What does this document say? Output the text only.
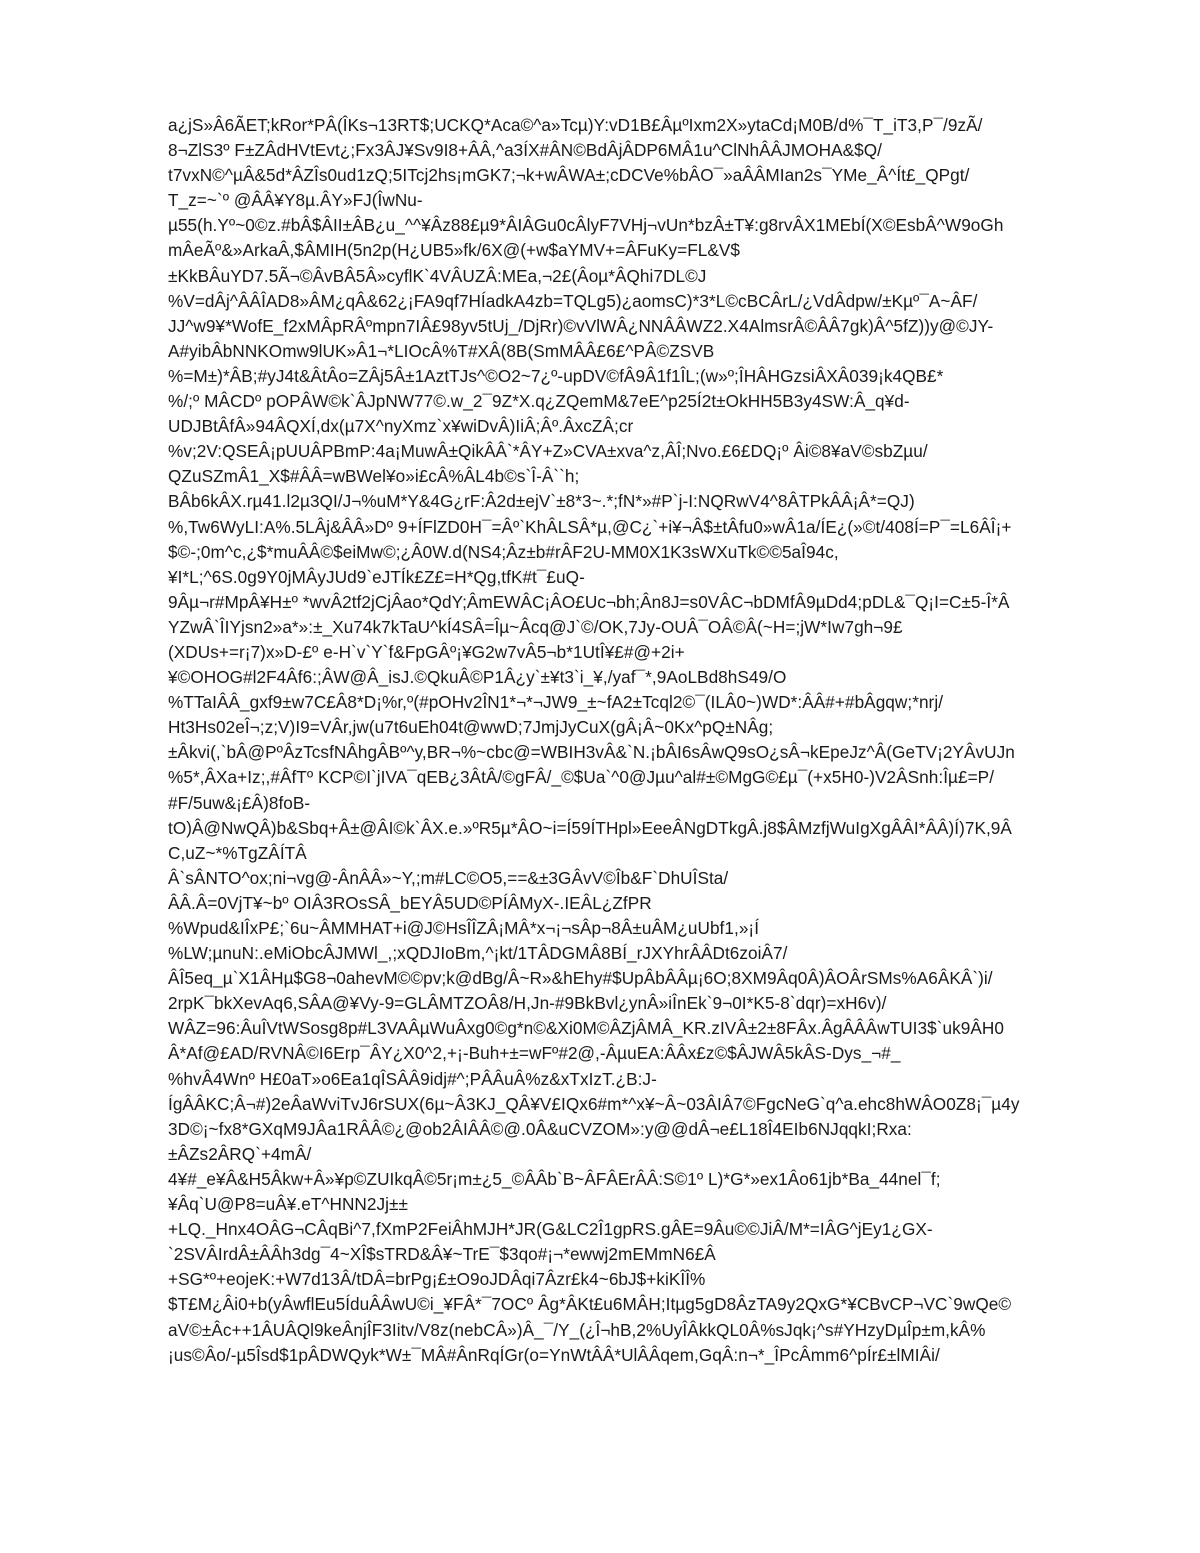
a¿jS»Â6ÃET;kRor*PÂ(ÎKs¬13RT$;UCKQ*Aca©^a»Tcµ)Y:vD1B£ÂµºIxm2X»ytaCd¡M0B/d%¯T_iT3,P¯/9zÃ/
8¬ZlS3º F±ZÂdHVtEvt¿;Fx3ÂJ¥Sv9I8+ÂÂ,^a3ÍX#ÂN©BdÂjÂDP6MÂ1u^ClNhÂÂJMOHA&$Q/
t7vxN©^µÂ&5d*ÂZÎs0ud1zQ;5ITcj2hs¡mGK7;¬k+wÂWA±;cDCVe%bÂO¯»aÂÂMIan2s¯YMe_Â^Ít£_QPgt/
T_z=~`º @ÂÂ¥Y8µ.ÂY»FJ(ÎwNu-
µ55(h.Yº~0©z.#bÂ$ÂII±ÂB¿u_^^¥Âz88£µ9*ÂIÂGu0cÂlyF7VHj¬vUn*bzÂ±T¥:g8rvÂX1MEbÍ(X©EsbÂ^W9oGh
mÂeÃº&»ArkaÂ,$ÂMIH(5n2p(H¿UB5»fk/6X@(+w$aYMV+=ÂFuKy=FL&V$
±KkBÂuYD7.5Ã¬©ÂvBÂ5Â»cyflK`4VÂUZÂ:MEa,¬2£(Âoµ*ÂQhi7DL©J
%V=dÂj^ÂÂÎAD8»ÂM¿qÂ&62¿¡FA9qf7HÍadkA4zb=TQLg5)¿aomsC)*3*L©cBCÂrL/¿VdÂdpw/±Kµº¯A~ÂF/
JJ^w9¥*WofE_f2xMÂpRÂºmpn7IÂ£98yv5tUj_/DjRr)©vVlWÂ¿NNÂÂWZ2.X4AlmsrÂ©ÂÂ7gk)Â^5fZ))y@©JY-
A#yibÂbNNKOmw9lUK»Â1¬*LIOcÂ%T#XÂ(8B(SmMÂÂ£6£^PÂ©ZSVB
%=M±)*ÂB;#yJ4t&ÂtÂo=ZÂj5Â±1AztTJs^©O2~7¿º-upDV©fÂ9Â1f1ÎL;(w»º;ÎHÂHGzsiÂXÂ039¡k4QB£*
%/;º MÂCDº pOPÂW©k`ÂJpNW77©.w_2¯9Z*X.q¿ZQemM&7eE^p25Í2t±OkHH5B3y4SW:Â_q¥d-
UDJBtÂfÂ»94ÂQXÍ,dx(µ7X^nyXmz`x¥wiDvÂ)IiÂ;Âº.ÂxcZÂ;cr
%v;2V:QSEÂ¡pUUÂPBmP:4a¡MuwÂ±QikÂÂ`*ÂY+Z»CVA±xva^z,ÂÎ;Nvo.£6£DQ¡º Âi©8¥aV©sbZµu/
QZuSZmÂ1_X$#ÂÂ=wBWel¥o»i£cÂ%ÂL4b©s`Î-Â``h;
BÂb6kÂX.rµ41.l2µ3QI/J¬%uM*Y&4G¿rF:Â2d±ejV`±8*3~.*;fN*»#P`j-I:NQRwV4^8ÂTPkÂÂ¡Â*=QJ)
%,Tw6WyLI:A%.5LÂj&ÂÂ»Dº 9+ÍFlZD0H¯=Âº`KhÂLSÂ*µ,@C¿`+i¥¬Â$±tÂfu0»wÂ1a/ÍE¿(»©t/408Í=P¯=L6ÂÎ¡+
$©-;0m^c,¿$*muÂÂ©$eiMw©;¿Â0W.d(NS4;Âz±b#rÂF2U-MM0X1K3sWXuTk©©5aÎ94c,
¥I*L;^6S.0g9Y0jMÂyJUd9`eJTÍk£Z£=H*Qg,tfK#t¯£uQ-
9Âµ¬r#MpÂ¥H±º *wvÂ2tf2jCjÂao*QdY;ÂmEWÂC¡ÂO£Uc¬bh;Ân8J=s0VÂC¬bDMfÂ9µDd4;pDL&¯Q¡I=C±5-Î*Â
YZwÂ`ÎIYjsn2»a*»:±_Xu74k7kTaU^kÍ4SÂ=Îµ~Âcq@J`©/OK,7Jy-OUÂ¯OÂ©Â(~H=;jW*Iw7gh¬9£
(XDUs+=r¡7)x»D-£º e-H`v`Y`f&FpGÂº¡¥G2w7vÂ5¬b*1UtÎ¥£#@+2i+
¥©OHOG#l2F4Âf6:;ÂW@Â_isJ.©QkuÂ©P1Â¿y`±¥t3`i_¥,/yaf¯*,9AoLBd8hS49/O
%TTaIÂÂ_gxf9±w7C£Â8*D¡%r,º(#pOHv2ÎN1*¬*¬JW9_±~fA2±Tcql2©¯(ILÂ0~)WD*:ÂÂ#+#bÂgqw;*nrj/
Ht3Hs02eÎ¬;z;V)I9=VÂr,jw(u7t6uEh04t@wwD;7JmjJyCuX(gÂ¡Â~0Kx^pQ±NÂg;
±Âkvi(,`bÂ@PºÂzTcsfNÂhgÂBº^y,BR¬%~cbc@=WBIH3vÂ&`N.¡bÂI6sÂwQ9sO¿sÂ¬kEpeJz^Â(GeTV¡2YÂvUJn
%5*,ÂXa+Iz;,#ÂfTº KCP©I`jIVA¯qEB¿3ÂtÂ/©gFÂ/_©$Ua`^0@Jµu^al#±©MgG©£µ¯(+x5H0-)V2ÂSnh:Îµ£=P/
#F/5uw&¡£Â)8foB-
tO)Â@NwQÂ)b&Sbq+Â±@ÂI©k`ÂX.e.»ºR5µ*ÂO~i=Í59ÍTHpl»EeeÂNgDTkgÂ.j8$ÂMzfjWuIgXgÂÂI*ÂÂ)Í)7K,9Â
C,uZ~*%TgZÂÍTÂ
Â`sÂNTO^ox;ni¬vg@-ÂnÂÂ»~Y,;m#LC©O5,==&±3GÂvV©Îb&F`DhUÎSta/
ÂÂ.Â=0VjT¥~bº OIÂ3ROsSÂ_bEYÂ5UD©PÍÂMyX-.IEÂL¿ZfPR
%Wpud&IÎxP£;`6u~ÂMMHAT+i@J©HsÎÎZÂ¡MÂ*x¬¡¬sÂp¬8Â±uÂM¿uUbf1,»¡Í
%LW;µnuN:.eMiObcÂJMWl_,;xQDJIoBm,^¡kt/1TÂDGMÂ8BÍ_rJXYhrÂÂDt6zoiÂ7/
ÂÎ5eq_µ`X1ÂHµ$G8¬0ahevM©©pv;k@dBg/Â~R»&hEhy#$UpÂbÂÂµ¡6O;8XM9Âq0Â)ÂOÂrSMs%A6ÂKÂ`)i/
2rpK¯bkXevAq6,SÂA@¥Vy-9=GLÂMTZOÂ8/H,Jn-#9BkBvl¿ynÂ»iÎnEk`9¬0I*K5-8`dqr)=xH6v)/
WÂZ=96:ÂuÎVtWSosg8p#L3VAÂµWuÂxg0©g*n©&Xi0M©ÂZjÂMÂ_KR.zIVÂ±2±8FÂx.ÂgÂÂÂwTUI3$`uk9ÂH0
Â*Af@£AD/RVNÂ©I6Erp¯ÂY¿X0^2,+¡-Buh+±=wFº#2@,-ÂµuEA:ÂÂx£z©$ÂJWÂ5kÂS-Dys_¬#_
%hvÂ4Wnº H£0aT»o6Ea1qÎSÂÂ9idj#^;PÂÂuÂ%z&xTxIzT.¿B:J-
ÍgÂÂKC;Â¬#)2eÂaWviTvJ6rSUX(6µ~Â3KJ_QÂ¥V£IQx6#m*^x¥~Â~03ÂIÂ7©FgcNeG`q^a.ehc8hWÂO0Z8¡¯µ4y
3D©¡~fx8*GXqM9JÂa1RÂÂ©¿@ob2ÂIÂÂ©@.0Â&uCVZOM»:y@@dÂ¬e£L18Î4EIb6NJqqkI;Rxa:
±ÂZs2ÂRQ`+4mÂ/
4¥#_e¥Â&H5Âkw+Â»¥p©ZUIkqÂ©5r¡m±¿5_©ÂÂb`B~ÂFÂErÂÂ:S©1º L)*G*»ex1Âo61jb*Ba_44nel¯f;
¥Âq`U@P8=uÂ¥.eT^HNN2Jj±±
+LQ._Hnx4OÂG¬CÂqBi^7,fXmP2FeiÂhMJH*JR(G&LC2Î1gpRS.gÂE=9Âu©©JiÂ/M*=IÂG^jEy1¿GX-
`2SVÂIrdÂ±ÂÂh3dg¯4~XÎ$sTRD&Â¥~TrE¯$3qo#¡¬*ewwj2mEMmN6£Â
+SG*º+eojeK:+W7d13Â/tDÂ=brPg¡£±O9oJDÂqi7Âzr£k4~6bJ$+kiKÎÎ%
$T£M¿Âi0+b(yÂwflEu5ÍduÂÂwU©i_¥FÂ*¯7OCº Âg*ÂKt£u6MÂH;Itµg5gD8ÂzTA9y2QxG*¥CBvCP¬VC`9wQe©
aV©±Âc++1ÂUÂQl9keÂnjÎF3Iitv/V8z(nebCÂ»)Â_¯/Y_(¿Î¬hB,2%UyÎÂkkQL0Â%sJqk¡^s#YHzyDµÎp±m,kÂ%
¡us©Âo/-µ5Îsd$1pÂDWQyk*W±¯MÂ#ÂnRqÍGr(o=YnWtÂÂ*UlÂÂqem,GqÂ:n¬*_ÎPcÂmm6^pÍr£±lMIÂi/
